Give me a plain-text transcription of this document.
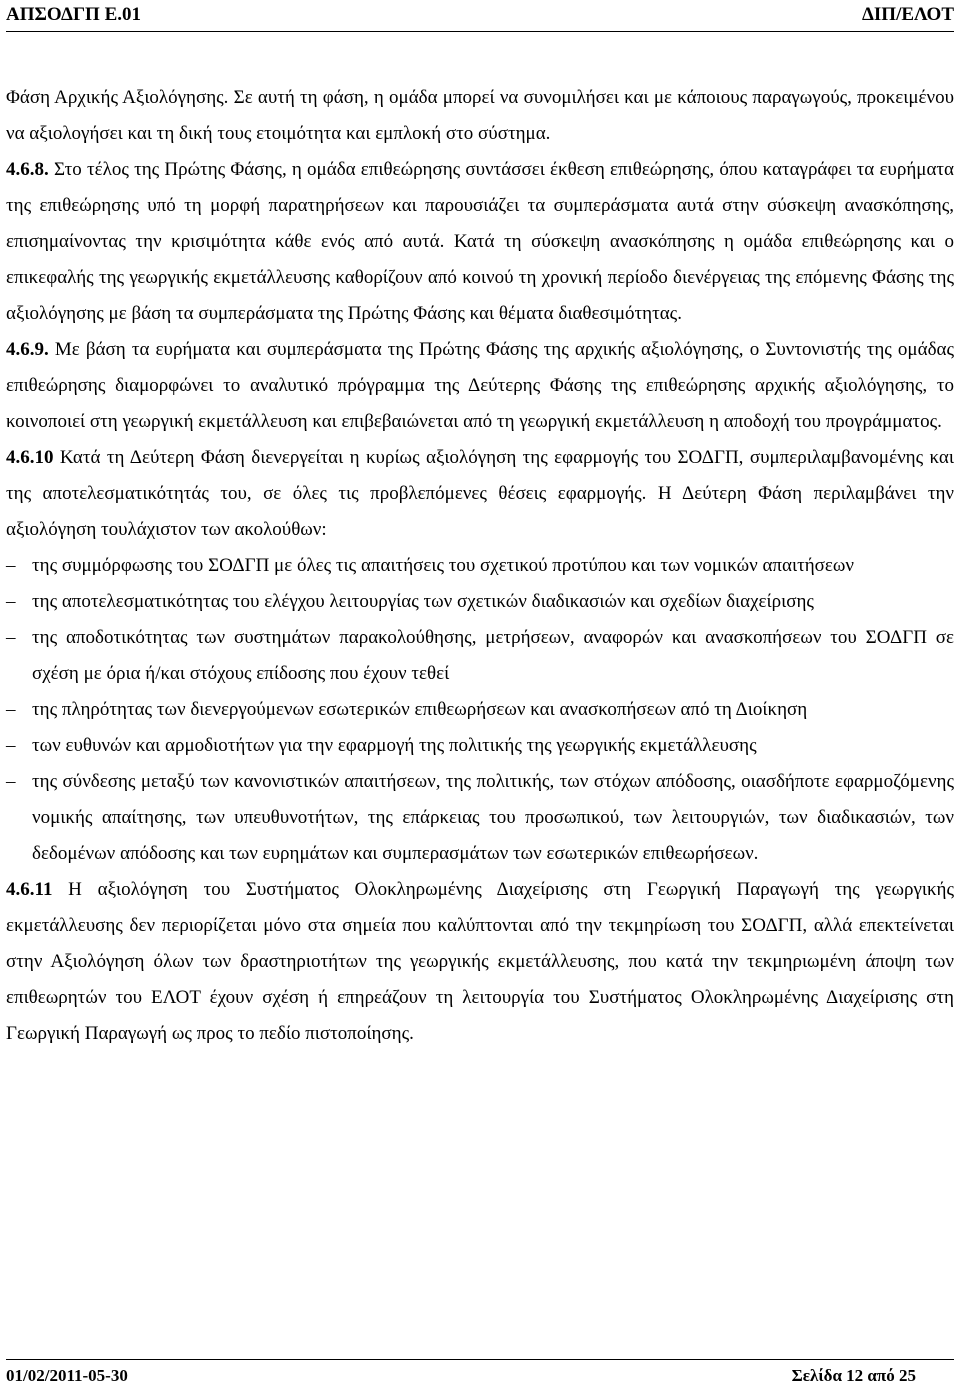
ΑΠΣΟΔΓΠ Ε.01	ΔΙΠ/ΕΛΟΤ

Φάση Αρχικής Αξιολόγησης. Σε αυτή τη φάση, η ομάδα μπορεί να συνομιλήσει και με κάποιους παραγωγούς, προκειμένου να αξιολογήσει και τη δική τους ετοιμότητα και εμπλοκή στο σύστημα.

4.6.8. Στο τέλος της Πρώτης Φάσης, η ομάδα επιθεώρησης συντάσσει έκθεση επιθεώρησης, όπου καταγράφει τα ευρήματα της επιθεώρησης υπό τη μορφή παρατηρήσεων και παρουσιάζει τα συμπεράσματα αυτά στην σύσκεψη ανασκόπησης, επισημαίνοντας την κρισιμότητα κάθε ενός από αυτά. Κατά τη σύσκεψη ανασκόπησης η ομάδα επιθεώρησης και ο επικεφαλής της γεωργικής εκμετάλλευσης καθορίζουν από κοινού τη χρονική περίοδο διενέργειας της επόμενης Φάσης της αξιολόγησης με βάση τα συμπεράσματα της Πρώτης Φάσης και θέματα διαθεσιμότητας.

4.6.9. Με βάση τα ευρήματα και συμπεράσματα της Πρώτης Φάσης της αρχικής αξιολόγησης, ο Συντονιστής της ομάδας επιθεώρησης διαμορφώνει το αναλυτικό πρόγραμμα της Δεύτερης Φάσης της επιθεώρησης αρχικής αξιολόγησης, το κοινοποιεί στη γεωργική εκμετάλλευση και επιβεβαιώνεται από τη γεωργική εκμετάλλευση η αποδοχή του προγράμματος.

4.6.10 Κατά τη Δεύτερη Φάση διενεργείται η κυρίως αξιολόγηση της εφαρμογής του ΣΟΔΓΠ, συμπεριλαμβανομένης και της αποτελεσματικότητάς του, σε όλες τις προβλεπόμενες θέσεις εφαρμογής. Η Δεύτερη Φάση περιλαμβάνει την αξιολόγηση τουλάχιστον των ακολούθων:

– της συμμόρφωσης του ΣΟΔΓΠ με όλες τις απαιτήσεις του σχετικού προτύπου και των νομικών απαιτήσεων
– της αποτελεσματικότητας του ελέγχου λειτουργίας των σχετικών διαδικασιών και σχεδίων διαχείρισης
– της αποδοτικότητας των συστημάτων παρακολούθησης, μετρήσεων, αναφορών και ανασκοπήσεων του ΣΟΔΓΠ σε σχέση με όρια ή/και στόχους επίδοσης που έχουν τεθεί
– της πληρότητας των διενεργούμενων εσωτερικών επιθεωρήσεων και ανασκοπήσεων από τη Διοίκηση
– των ευθυνών και αρμοδιοτήτων για την εφαρμογή της πολιτικής της γεωργικής εκμετάλλευσης
– της σύνδεσης μεταξύ των κανονιστικών απαιτήσεων, της πολιτικής, των στόχων απόδοσης, οιασδήποτε εφαρμοζόμενης νομικής απαίτησης, των υπευθυνοτήτων, της επάρκειας του προσωπικού, των λειτουργιών, των διαδικασιών, των δεδομένων απόδοσης και των ευρημάτων και συμπερασμάτων των εσωτερικών επιθεωρήσεων.

4.6.11 Η αξιολόγηση του Συστήματος Ολοκληρωμένης Διαχείρισης στη Γεωργική Παραγωγή της γεωργικής εκμετάλλευσης δεν περιορίζεται μόνο στα σημεία που καλύπτονται από την τεκμηρίωση του ΣΟΔΓΠ, αλλά επεκτείνεται στην Αξιολόγηση όλων των δραστηριοτήτων της γεωργικής εκμετάλλευσης, που κατά την τεκμηριωμένη άποψη των επιθεωρητών του ΕΛΟΤ έχουν σχέση ή επηρεάζουν τη λειτουργία του Συστήματος Ολοκληρωμένης Διαχείρισης στη Γεωργική Παραγωγή ως προς το πεδίο πιστοποίησης.

01/02/2011-05-30	Σελίδα 12 από 25
